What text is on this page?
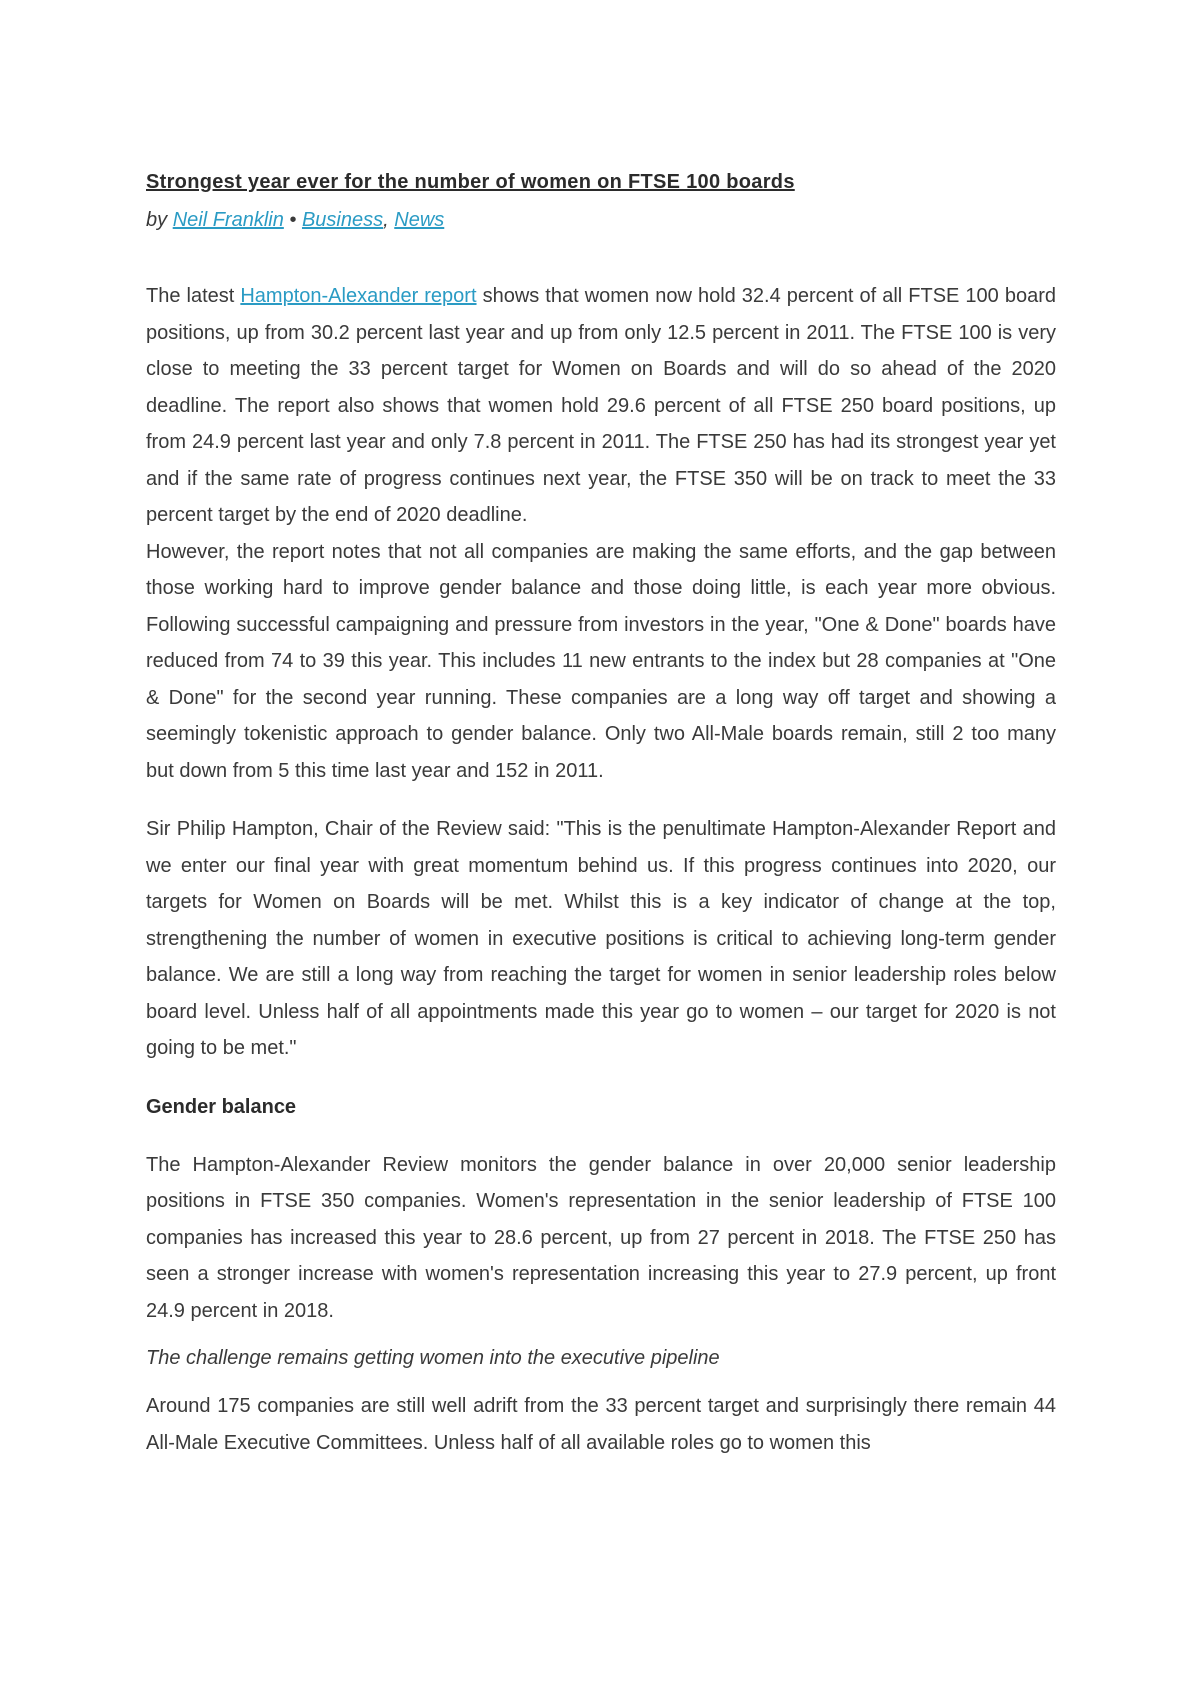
Strongest year ever for the number of women on FTSE 100 boards
by Neil Franklin • Business, News

The latest Hampton-Alexander report shows that women now hold 32.4 percent of all FTSE 100 board positions, up from 30.2 percent last year and up from only 12.5 percent in 2011. The FTSE 100 is very close to meeting the 33 percent target for Women on Boards and will do so ahead of the 2020 deadline. The report also shows that women hold 29.6 percent of all FTSE 250 board positions, up from 24.9 percent last year and only 7.8 percent in 2011. The FTSE 250 has had its strongest year yet and if the same rate of progress continues next year, the FTSE 350 will be on track to meet the 33 percent target by the end of 2020 deadline.

However, the report notes that not all companies are making the same efforts, and the gap between those working hard to improve gender balance and those doing little, is each year more obvious. Following successful campaigning and pressure from investors in the year, "One & Done" boards have reduced from 74 to 39 this year. This includes 11 new entrants to the index but 28 companies at "One & Done" for the second year running. These companies are a long way off target and showing a seemingly tokenistic approach to gender balance. Only two All-Male boards remain, still 2 too many but down from 5 this time last year and 152 in 2011.

Sir Philip Hampton, Chair of the Review said: "This is the penultimate Hampton-Alexander Report and we enter our final year with great momentum behind us. If this progress continues into 2020, our targets for Women on Boards will be met. Whilst this is a key indicator of change at the top, strengthening the number of women in executive positions is critical to achieving long-term gender balance. We are still a long way from reaching the target for women in senior leadership roles below board level. Unless half of all appointments made this year go to women – our target for 2020 is not going to be met."

Gender balance

The Hampton-Alexander Review monitors the gender balance in over 20,000 senior leadership positions in FTSE 350 companies. Women's representation in the senior leadership of FTSE 100 companies has increased this year to 28.6 percent, up from 27 percent in 2018. The FTSE 250 has seen a stronger increase with women's representation increasing this year to 27.9 percent, up front 24.9 percent in 2018.

The challenge remains getting women into the executive pipeline

Around 175 companies are still well adrift from the 33 percent target and surprisingly there remain 44 All-Male Executive Committees. Unless half of all available roles go to women this
